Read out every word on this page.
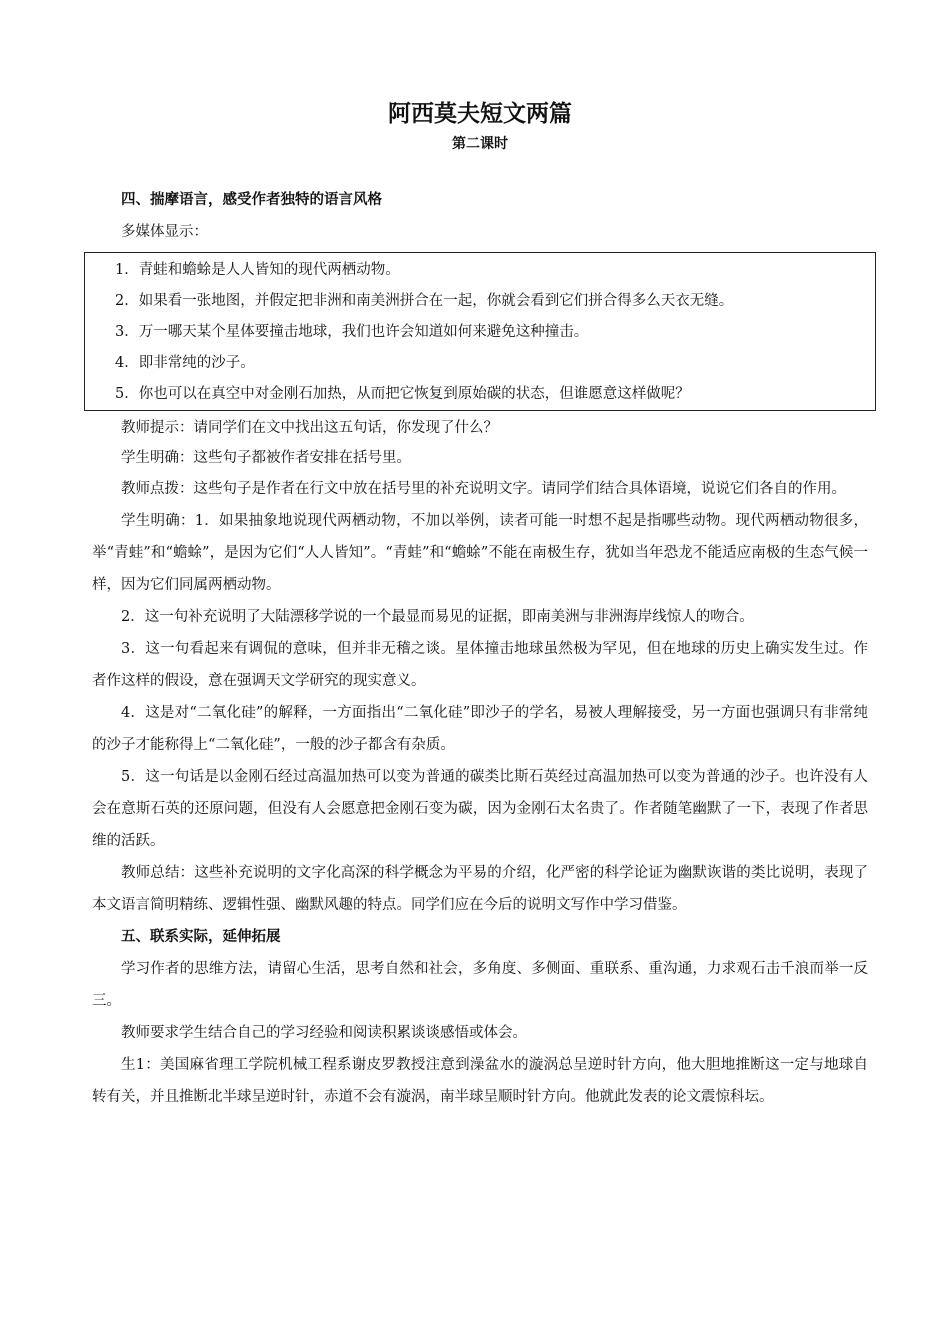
阿西莫夫短文两篇
第二课时
四、揣摩语言，感受作者独特的语言风格

多媒体显示：

1．青蛙和蟾蜍是人人皆知的现代两栖动物。

2．如果看一张地图，并假定把非洲和南美洲拼合在一起，你就会看到它们拼合得多么天衣无缝。

3．万一哪天某个星体要撞击地球，我们也许会知道如何来避免这种撞击。

4．即非常纯的沙子。

5．你也可以在真空中对金刚石加热，从而把它恢复到原始碳的状态，但谁愿意这样做呢？

教师提示：请同学们在文中找出这五句话，你发现了什么？

学生明确：这些句子都被作者安排在括号里。

教师点拨：这些句子是作者在行文中放在括号里的补充说明文字。请同学们结合具体语境，说说它们各自的作用。

学生明确：1．如果抽象地说现代两栖动物，不加以举例，读者可能一时想不起是指哪些动物。现代两栖动物很多，举“青蛙”和“蟾蜍”，是因为它们“人人皆知”。“青蛙”和“蟾蜍”不能在南极生存，犹如当年恐龙不能适应南极的生态气候一样，因为它们同属两栖动物。

2．这一句补充说明了大陆漂移学说的一个最显而易见的证据，即南美洲与非洲海岸线惊人的吻合。

3．这一句看起来有调侃的意味，但并非无稽之谈。星体撞击地球虽然极为罕见，但在地球的历史上确实发生过。作者作这样的假设，意在强调天文学研究的现实意义。

4．这是对“二氧化硅”的解释，一方面指出“二氧化硅”即沙子的学名，易被人理解接受，另一方面也强调只有非常纯的沙子才能称得上“二氧化硅”，一般的沙子都含有杂质。

5．这一句话是以金刚石经过高温加热可以变为普通的碳类比斯石英经过高温加热可以变为普通的沙子。也许没有人会在意斯石英的还原问题，但没有人会愿意把金刚石变为碳，因为金刚石太名贵了。作者随笔幽默了一下，表现了作者思维的活跃。

教师总结：这些补充说明的文字化高深的科学概念为平易的介绍，化严密的科学论证为幽默诙谐的类比说明，表现了本文语言简明精练、逻辑性强、幽默风趣的特点。同学们应在今后的说明文写作中学习借鉴。

五、联系实际，延伸拓展

学习作者的思维方法，请留心生活，思考自然和社会，多角度、多侧面、重联系、重沟通，力求观石击千浪而举一反三。

教师要求学生结合自己的学习经验和阅读积累谈谈感悟或体会。

生1：美国麻省理工学院机械工程系谢皮罗教授注意到澡盆水的漩涡总呈逆时针方向，他大胆地推断这一定与地球自转有关，并且推断北半球呈逆时针，赤道不会有漩涡，南半球呈顺时针方向。他就此发表的论文震惊科坛。
